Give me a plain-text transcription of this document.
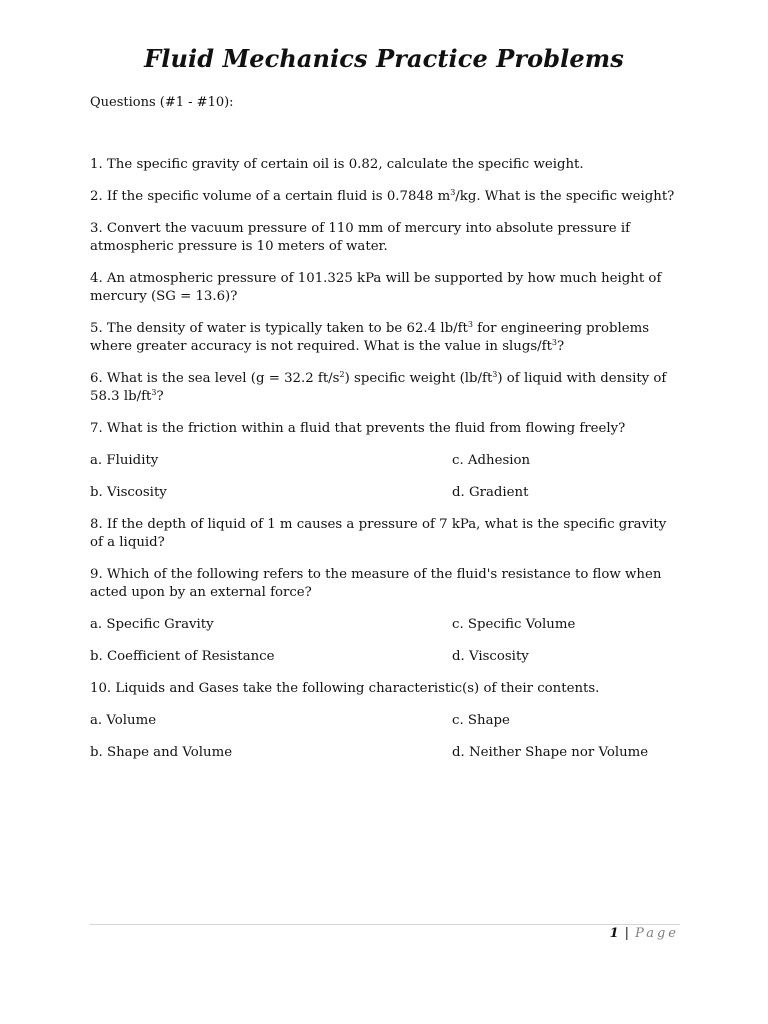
Fluid Mechanics Practice Problems

Questions (#1 - #10):

1. The specific gravity of certain oil is 0.82, calculate the specific weight.

2. If the specific volume of a certain fluid is 0.7848 $m^3/kg$. What is the specific weight?

3. Convert the vacuum pressure of 110 mm of mercury into absolute pressure if atmospheric pressure is 10 meters of water.

4. An atmospheric pressure of 101.325 kPa will be supported by how much height of mercury (SG = 13.6)?

5. The density of water is typically taken to be 62.4 $lb/ft^3$ for engineering problems where greater accuracy is not required. What is the value in slugs/$ft^3$?

6. What is the sea level (g = 32.2 $ft/s^2$) specific weight $(lb/ft^3)$ of liquid with density of 58.3 $lb/ft^3$?

7. What is the friction within a fluid that prevents the fluid from flowing freely?

a. Fluidity	c. Adhesion

b. Viscosity	d. Gradient

8. If the depth of liquid of 1 m causes a pressure of 7 kPa, what is the specific gravity of a liquid?

9. Which of the following refers to the measure of the fluid's resistance to flow when acted upon by an external force?

a. Specific Gravity	c. Specific Volume

b. Coefficient of Resistance	d. Viscosity

10. Liquids and Gases take the following characteristic(s) of their contents.

a. Volume	c. Shape

b. Shape and Volume	d. Neither Shape nor Volume

1 | Page
